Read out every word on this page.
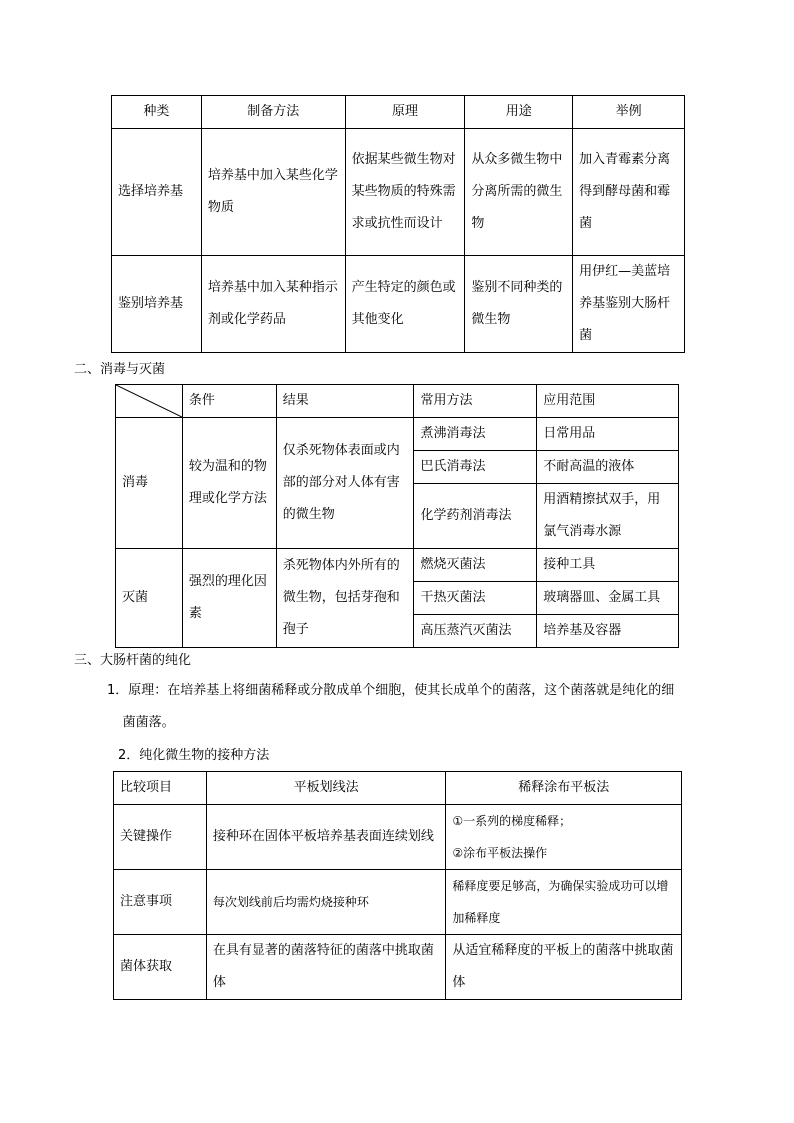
种类	制备方法	原理	用途	举例
选择培养基	培养基中加入某些化学物质	依据某些微生物对某些物质的特殊需求或抗性而设计	从众多微生物中分离所需的微生物	加入青霉素分离得到酵母菌和霉菌
鉴别培养基	培养基中加入某种指示剂或化学药品	产生特定的颜色或其他变化	鉴别不同种类的微生物	用伊红—美蓝培养基鉴别大肠杆菌
二、消毒与灭菌
	条件	结果	常用方法	应用范围
消毒	较为温和的物理或化学方法	仅杀死物体表面或内部的部分对人体有害的微生物	煮沸消毒法	日常用品
			巴氏消毒法	不耐高温的液体
			化学药剂消毒法	用酒精擦拭双手，用氯气消毒水源
灭菌	强烈的理化因素	杀死物体内外所有的微生物，包括芽孢和孢子	燃烧灭菌法	接种工具
			干热灭菌法	玻璃器皿、金属工具
			高压蒸汽灭菌法	培养基及容器
三、大肠杆菌的纯化
1．原理：在培养基上将细菌稀释或分散成单个细胞，使其长成单个的菌落，这个菌落就是纯化的细菌菌落。
2．纯化微生物的接种方法
比较项目	平板划线法	稀释涂布平板法
关键操作	接种环在固体平板培养基表面连续划线	①一系列的梯度稀释；
②涂布平板法操作

注意事项	每次划线前后均需灼烧接种环	稀释度要足够高，为确保实验成功可以增加稀释度
菌体获取	在具有显著的菌落特征的菌落中挑取菌体	从适宜稀释度的平板上的菌落中挑取菌体
